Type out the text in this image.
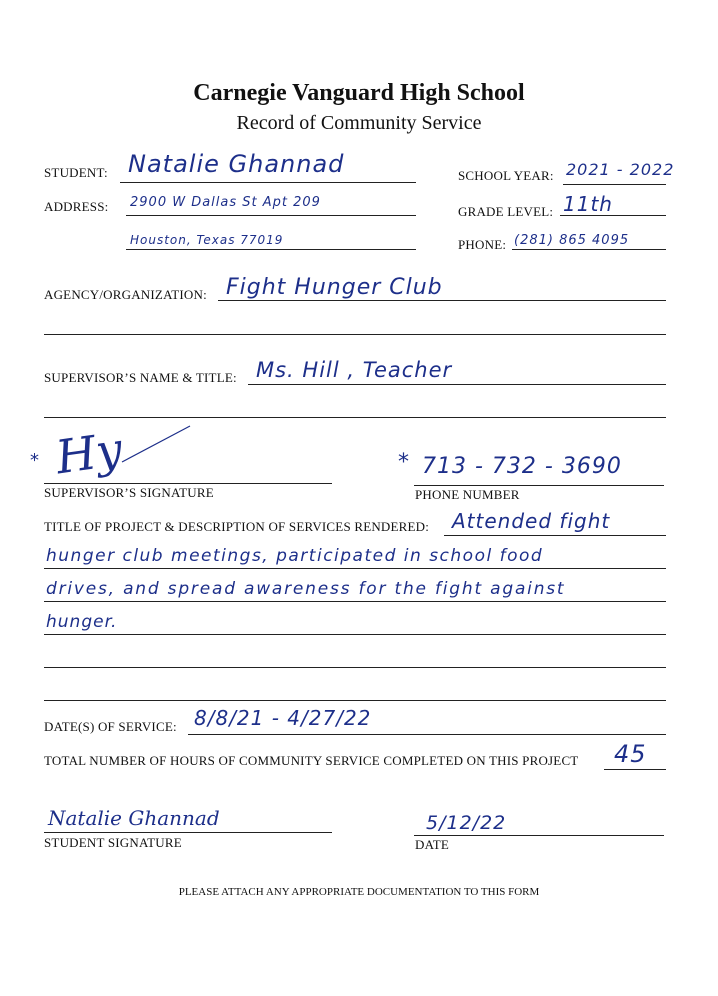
Carnegie Vanguard High School
Record of Community Service
STUDENT: Natalie Ghannad	SCHOOL YEAR: 2021 - 2022
ADDRESS: 2900 W Dallas St Apt 209
GRADE LEVEL: 11th
Houston, Texas 77019	PHONE: (281) 865 4095
AGENCY/ORGANIZATION: Fight Hunger Club
SUPERVISOR’S NAME & TITLE: Ms. Hill , Teacher
* Hy
SUPERVISOR’S SIGNATURE
* 713 - 732 - 3690
PHONE NUMBER
TITLE OF PROJECT & DESCRIPTION OF SERVICES RENDERED: Attended fight
hunger club meetings, participated in school food
drives, and spread awareness for the fight against
hunger.
DATE(S) OF SERVICE: 8/8/21 - 4/27/22
TOTAL NUMBER OF HOURS OF COMMUNITY SERVICE COMPLETED ON THIS PROJECT 45
Natalie Ghannad
STUDENT SIGNATURE
5/12/22
DATE
PLEASE ATTACH ANY APPROPRIATE DOCUMENTATION TO THIS FORM
